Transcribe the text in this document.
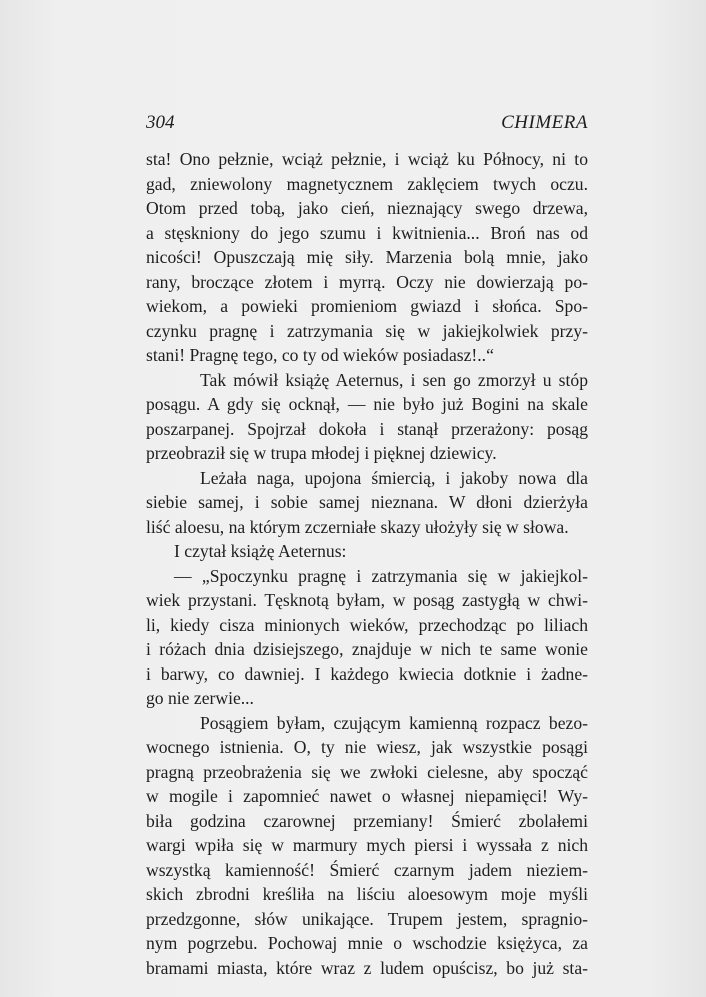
304	CHIMERA
sta! Ono pełznie, wciąż pełznie, i wciąż ku Północy, ni to
gad, zniewolony magnetycznem zaklęciem twych oczu.
Otom przed tobą, jako cień, nieznający swego drzewa,
a stęskniony do jego szumu i kwitnienia... Broń nas od
nicości! Opuszczają mię siły. Marzenia bolą mnie, jako
rany, broczące złotem i myrrą. Oczy nie dowierzają po-
wiekom, a powieki promieniom gwiazd i słońca. Spo-
czynku pragnę i zatrzymania się w jakiejkolwiek przy-
stani! Pragnę tego, co ty od wieków posiadasz!..“
Tak mówił książę Aeternus, i sen go zmorzył u stóp
posągu. A gdy się ocknął, — nie było już Bogini na skale
poszarpanej. Spojrzał dokoła i stanął przerażony: posąg
przeobraził się w trupa młodej i pięknej dziewicy.
Leżała naga, upojona śmiercią, i jakoby nowa dla
siebie samej, i sobie samej nieznana. W dłoni dzierżyła
liść aloesu, na którym zczerniałe skazy ułożyły się w słowa.
I czytał książę Aeternus:
— „Spoczynku pragnę i zatrzymania się w jakiejkol-
wiek przystani. Tęsknotą byłam, w posąg zastygłą w chwi-
li, kiedy cisza minionych wieków, przechodząc po liliach
i różach dnia dzisiejszego, znajduje w nich te same wonie
i barwy, co dawniej. I każdego kwiecia dotknie i żadne-
go nie zerwie...
Posągiem byłam, czującym kamienną rozpacz bezo-
wocnego istnienia. O, ty nie wiesz, jak wszystkie posągi
pragną przeobrażenia się we zwłoki cielesne, aby spocząć
w mogile i zapomnieć nawet o własnej niepamięci! Wy-
biła godzina czarownej przemiany! Śmierć zbolałemi
wargi wpiła się w marmury mych piersi i wyssała z nich
wszystką kamienność! Śmierć czarnym jadem nieziem-
skich zbrodni kreśliła na liściu aloesowym moje myśli
przedzgonne, słów unikające. Trupem jestem, spragnio-
nym pogrzebu. Pochowaj mnie o wschodzie księżyca, za
bramami miasta, które wraz z ludem opuścisz, bo już sta-
